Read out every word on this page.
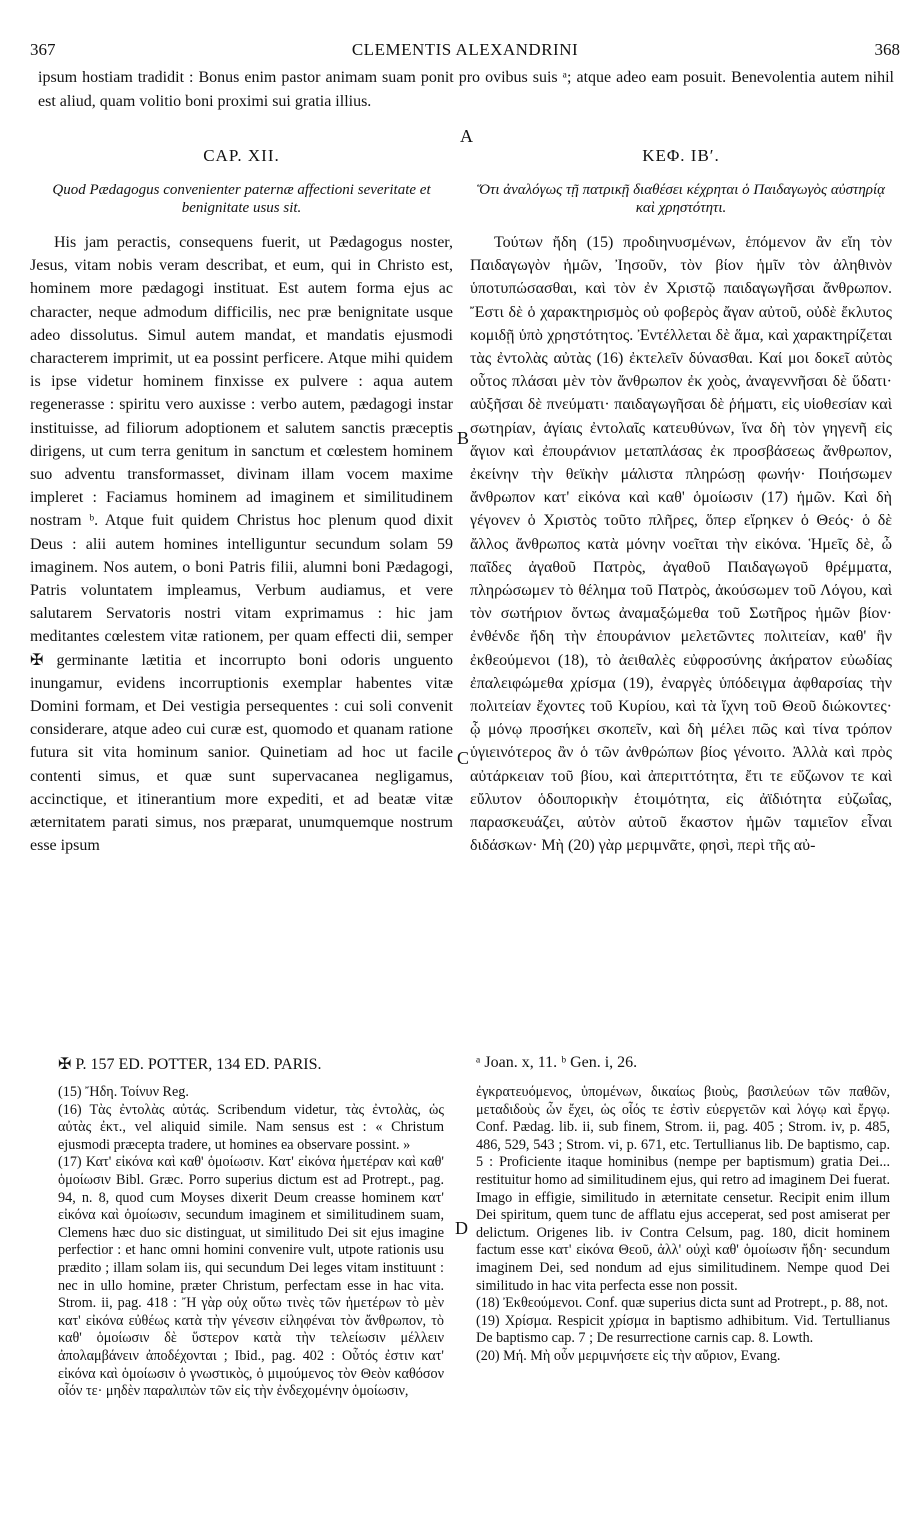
367	CLEMENTIS ALEXANDRINI	368

ipsum hostiam tradidit : Bonus enim pastor animam suam ponit pro ovibus suis ᵃ; atque adeo eam posuit. Benevolentia autem nihil est aliud, quam volitio boni proximi sui gratia illius.

A
B
C
D
CAP. XII.
Quod Pædagogus convenienter paternæ affectioni severitate et benignitate usus sit.

His jam peractis, consequens fuerit, ut Pædagogus noster, Jesus, vitam nobis veram describat, et eum, qui in Christo est, hominem more pædagogi instituat. Est autem forma ejus ac character, neque admodum difficilis, nec præ benignitate usque adeo dissolutus. Simul autem mandat, et mandatis ejusmodi characterem imprimit, ut ea possint perficere. Atque mihi quidem is ipse videtur hominem finxisse ex pulvere : aqua autem regenerasse : spiritu vero auxisse : verbo autem, pædagogi instar instituisse, ad filiorum adoptionem et salutem sanctis præceptis dirigens, ut cum terra genitum in sanctum et cœlestem hominem suo adventu transformasset, divinam illam vocem maxime impleret : Faciamus hominem ad imaginem et similitudinem nostram ᵇ. Atque fuit quidem Christus hoc plenum quod dixit Deus : alii autem homines intelliguntur secundum solam 59 imaginem. Nos autem, o boni Patris filii, alumni boni Pædagogi, Patris voluntatem impleamus, Verbum audiamus, et vere salutarem Servatoris nostri vitam exprimamus : hic jam meditantes cœlestem vitæ rationem, per quam effecti dii, semper ✠ germinante lætitia et incorrupto boni odoris unguento inungamur, evidens incorruptionis exemplar habentes vitæ Domini formam, et Dei vestigia persequentes : cui soli convenit considerare, atque adeo cui curæ est, quomodo et quanam ratione futura sit vita hominum sanior. Quinetiam ad hoc ut facile contenti simus, et quæ sunt supervacanea negligamus, accinctique, et itinerantium more expediti, et ad beatæ vitæ æternitatem parati simus, nos præparat, unumquemque nostrum esse ipsum

ΚΕΦ. ΙΒʹ.
Ὅτι ἀναλόγως τῇ πατρικῇ διαθέσει κέχρηται ὁ Παιδαγωγὸς αὐστηρίᾳ καὶ χρηστότητι.

Τούτων ἤδη (15) προδιηνυσμένων, ἑπόμενον ἂν εἴη τὸν Παιδαγωγὸν ἡμῶν, Ἰησοῦν, τὸν βίον ἡμῖν τὸν ἀληθινὸν ὑποτυπώσασθαι, καὶ τὸν ἐν Χριστῷ παιδαγωγῆσαι ἄνθρωπον. Ἔστι δὲ ὁ χαρακτηρισμὸς οὐ φοβερὸς ἄγαν αὐτοῦ, οὐδὲ ἔκλυτος κομιδῇ ὑπὸ χρηστότητος. Ἐντέλλεται δὲ ἅμα, καὶ χαρακτηρίζεται τὰς ἐντολὰς αὐτὰς (16) ἐκτελεῖν δύνασθαι. Καί μοι δοκεῖ αὐτὸς οὗτος πλάσαι μὲν τὸν ἄνθρωπον ἐκ χοὸς, ἀναγεννῆσαι δὲ ὕδατι· αὐξῆσαι δὲ πνεύματι· παιδαγωγῆσαι δὲ ῥήματι, εἰς υἱοθεσίαν καὶ σωτηρίαν, ἁγίαις ἐντολαῖς κατευθύνων, ἵνα δὴ τὸν γηγενῆ εἰς ἅγιον καὶ ἐπουράνιον μεταπλάσας ἐκ προσβάσεως ἄνθρωπον, ἐκείνην τὴν θεϊκὴν μάλιστα πληρώσῃ φωνήν· Ποιήσωμεν ἄνθρωπον κατ' εἰκόνα καὶ καθ' ὁμοίωσιν (17) ἡμῶν. Καὶ δὴ γέγονεν ὁ Χριστὸς τοῦτο πλῆρες, ὅπερ εἴρηκεν ὁ Θεός· ὁ δὲ ἄλλος ἄνθρωπος κατὰ μόνην νοεῖται τὴν εἰκόνα. Ἡμεῖς δὲ, ὦ παῖδες ἀγαθοῦ Πατρὸς, ἀγαθοῦ Παιδαγωγοῦ θρέμματα, πληρώσωμεν τὸ θέλημα τοῦ Πατρὸς, ἀκούσωμεν τοῦ Λόγου, καὶ τὸν σωτήριον ὄντως ἀναμαξώμεθα τοῦ Σωτῆρος ἡμῶν βίον· ἐνθένδε ἤδη τὴν ἐπουράνιον μελετῶντες πολιτείαν, καθ' ἣν ἐκθεούμενοι (18), τὸ ἀειθαλὲς εὐφροσύνης ἀκήρατον εὐωδίας ἐπαλειφώμεθα χρίσμα (19), ἐναργὲς ὑπόδειγμα ἀφθαρσίας τὴν πολιτείαν ἔχοντες τοῦ Κυρίου, καὶ τὰ ἴχνη τοῦ Θεοῦ διώκοντες· ᾧ μόνῳ προσήκει σκοπεῖν, καὶ δὴ μέλει πῶς καὶ τίνα τρόπον ὑγιεινότερος ἂν ὁ τῶν ἀνθρώπων βίος γένοιτο. Ἀλλὰ καὶ πρὸς αὐτάρκειαν τοῦ βίου, καὶ ἀπεριττότητα, ἔτι τε εὔζωνον τε καὶ εὔλυτον ὁδοιπορικὴν ἑτοιμότητα, εἰς ἀϊδιότητα εὐζωΐας, παρασκευάζει, αὐτὸν αὐτοῦ ἕκαστον ἡμῶν ταμιεῖον εἶναι διδάσκων· Μὴ (20) γὰρ μεριμνᾶτε, φησὶ, περὶ τῆς αὐ-

✠ P. 157 ED. POTTER, 134 ED. PARIS.	ᵃ Joan. x, 11. ᵇ Gen. i, 26.

(15) Ἤδη. Τοίνυν Reg.

(16) Τὰς ἐντολὰς αὐτάς. Scribendum videtur, τὰς ἐντολὰς, ὡς αὐτὰς ἐκτ., vel aliquid simile. Nam sensus est : « Christum ejusmodi præcepta tradere, ut homines ea observare possint. »

(17) Κατ' εἰκόνα καὶ καθ' ὁμοίωσιν. Κατ' εἰκόνα ἡμετέραν καὶ καθ' ὁμοίωσιν Bibl. Græc. Porro superius dictum est ad Protrept., pag. 94, n. 8, quod cum Moyses dixerit Deum creasse hominem κατ' εἰκόνα καὶ ὁμοίωσιν, secundum imaginem et similitudinem suam, Clemens hæc duo sic distinguat, ut similitudo Dei sit ejus imagine perfectior : et hanc omni homini convenire vult, utpote rationis usu prædito ; illam solam iis, qui secundum Dei leges vitam instituunt : nec in ullo homine, præter Christum, perfectam esse in hac vita. Strom. ii, pag. 418 : Ἤ γὰρ οὐχ οὕτω τινὲς τῶν ἡμετέρων τὸ μὲν κατ' εἰκόνα εὐθέως κατὰ τὴν γένεσιν εἰληφέναι τὸν ἄνθρωπον, τὸ καθ' ὁμοίωσιν δὲ ὕστερον κατὰ τὴν τελείωσιν μέλλειν ἀπολαμβάνειν ἀποδέχονται ; Ibid., pag. 402 : Οὗτός ἐστιν κατ' εἰκόνα καὶ ὁμοίωσιν ὁ γνωστικὸς, ὁ μιμούμενος τὸν Θεὸν καθόσον οἷόν τε· μηδὲν παραλιπὼν τῶν εἰς τὴν ἐνδεχομένην ὁμοίωσιν,

ἐγκρατευόμενος, ὑπομένων, δικαίως βιοὺς, βασιλεύων τῶν παθῶν, μεταδιδοὺς ὧν ἔχει, ὡς οἷός τε ἐστὶν εὐεργετῶν καὶ λόγῳ καὶ ἔργῳ. Conf. Pædag. lib. ii, sub finem, Strom. ii, pag. 405 ; Strom. iv, p. 485, 486, 529, 543 ; Strom. vi, p. 671, etc. Tertullianus lib. De baptismo, cap. 5 : Proficiente itaque hominibus (nempe per baptismum) gratia Dei... restituitur homo ad similitudinem ejus, qui retro ad imaginem Dei fuerat. Imago in effigie, similitudo in æternitate censetur. Recipit enim illum Dei spiritum, quem tunc de afflatu ejus acceperat, sed post amiserat per delictum. Origenes lib. iv Contra Celsum, pag. 180, dicit hominem factum esse κατ' εἰκόνα Θεοῦ, ἀλλ' οὐχὶ καθ' ὁμοίωσιν ἤδη· secundum imaginem Dei, sed nondum ad ejus similitudinem. Nempe quod Dei similitudo in hac vita perfecta esse non possit.

(18) Ἐκθεούμενοι. Conf. quæ superius dicta sunt ad Protrept., p. 88, not.

(19) Χρίσμα. Respicit χρίσμα in baptismo adhibitum. Vid. Tertullianus De baptismo cap. 7 ; De resurrectione carnis cap. 8. Lowth.

(20) Μή. Μὴ οὖν μεριμνήσετε εἰς τὴν αὔριον, Evang.
